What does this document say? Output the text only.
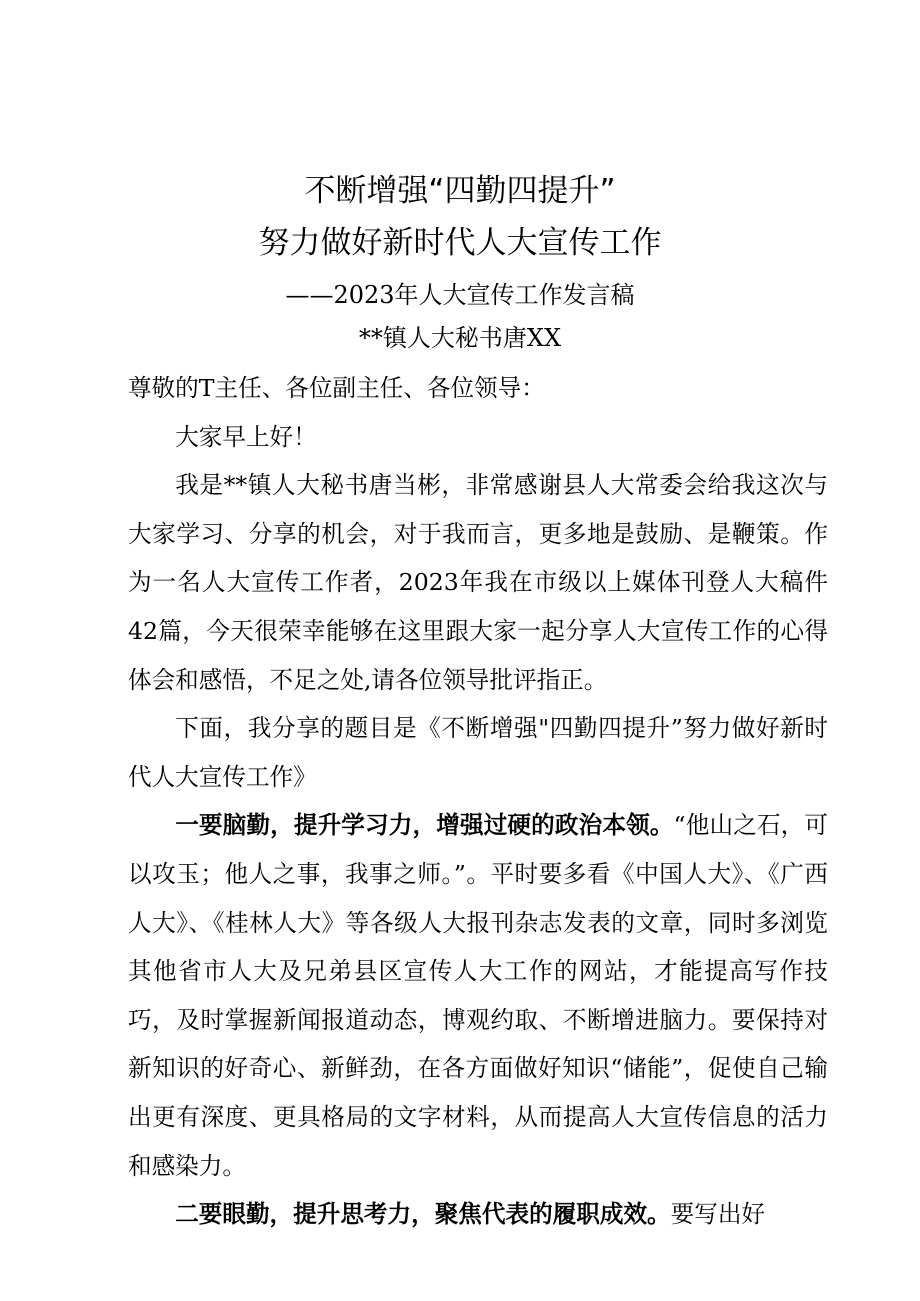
不断增强“四勤四提升”
努力做好新时代人大宣传工作
——2023年人大宣传工作发言稿
**镇人大秘书唐XX

尊敬的T主任、各位副主任、各位领导：

大家早上好！

我是**镇人大秘书唐当彬，非常感谢县人大常委会给我这次与大家学习、分享的机会，对于我而言，更多地是鼓励、是鞭策。作为一名人大宣传工作者，2023年我在市级以上媒体刊登人大稿件42篇，今天很荣幸能够在这里跟大家一起分享人大宣传工作的心得体会和感悟，不足之处,请各位领导批评指正。

下面，我分享的题目是《不断增强"四勤四提升”努力做好新时代人大宣传工作》

一要脑勤，提升学习力，增强过硬的政治本领。“他山之石，可以攻玉；他人之事，我事之师。”。平时要多看《中国人大》、《广西人大》、《桂林人大》等各级人大报刊杂志发表的文章，同时多浏览其他省市人大及兄弟县区宣传人大工作的网站，才能提高写作技巧，及时掌握新闻报道动态，博观约取、不断增进脑力。要保持对新知识的好奇心、新鲜劲，在各方面做好知识“储能”，促使自己输出更有深度、更具格局的文字材料，从而提高人大宣传信息的活力和感染力。

二要眼勤，提升思考力，聚焦代表的履职成效。要写出好
